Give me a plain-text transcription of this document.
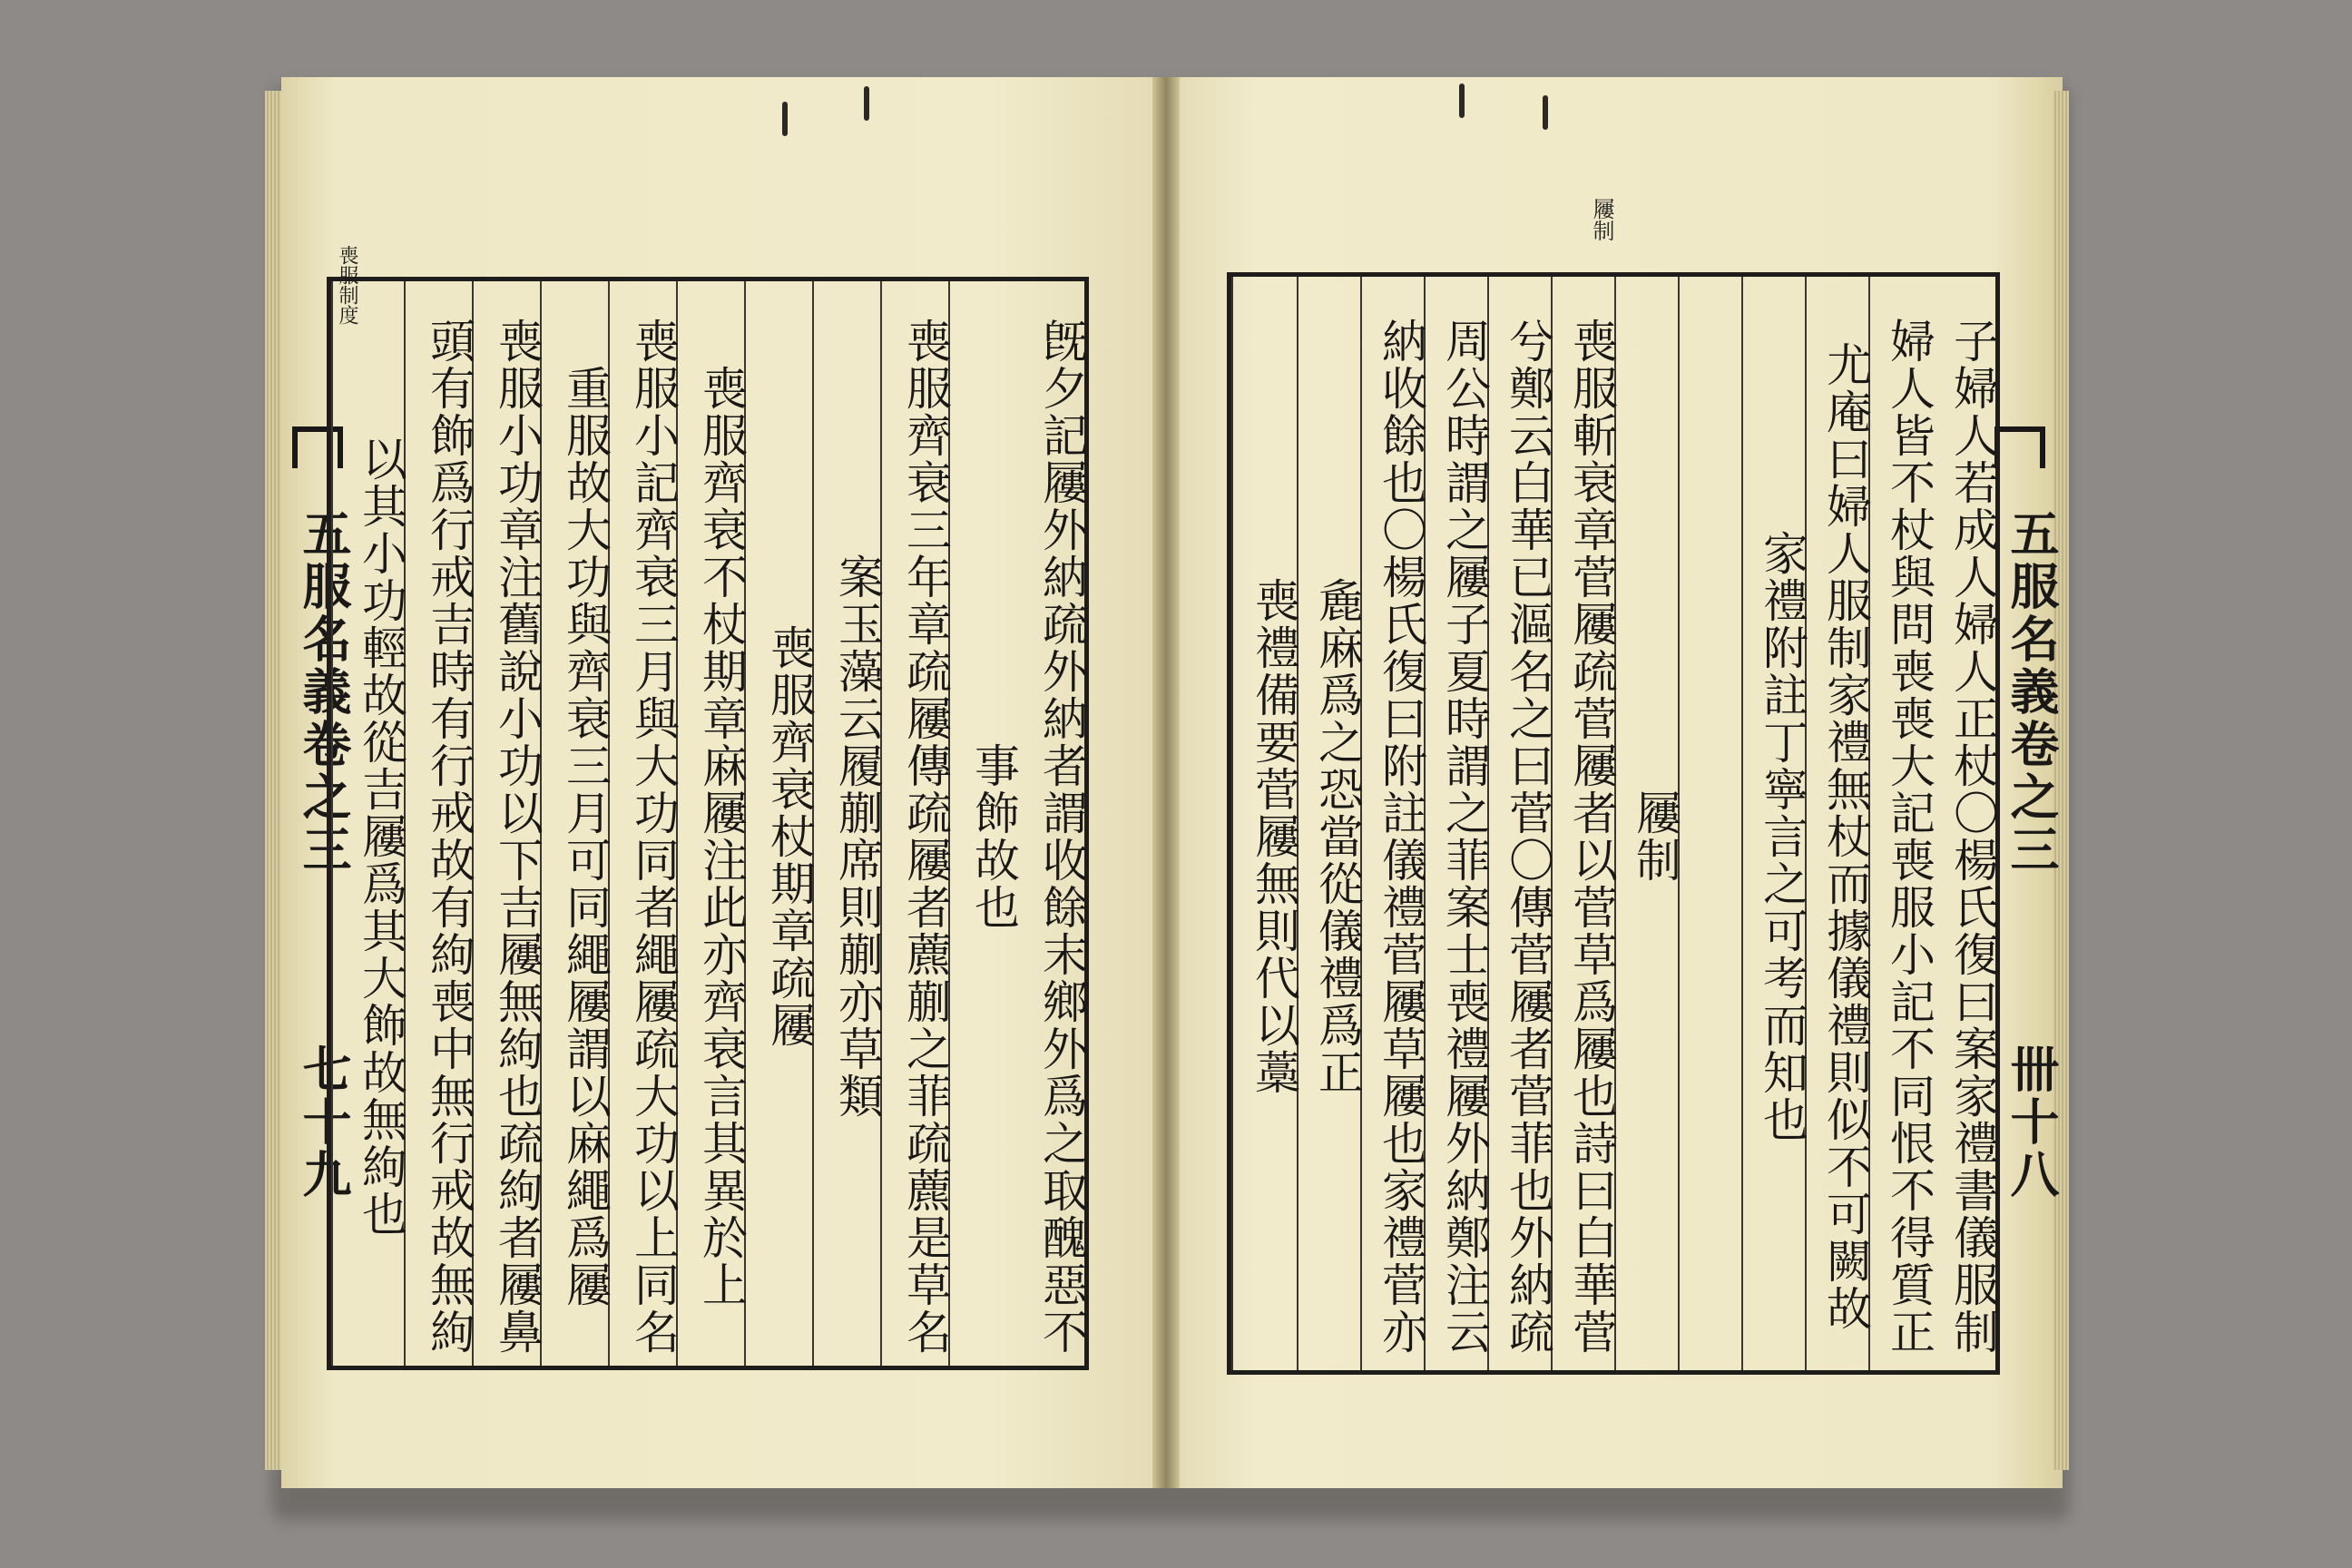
喪服制度
五服名義卷之三
七十九	旣夕記屨外納疏外納者謂收餘末鄉外爲之取醜惡不
事飾故也
喪服齊衰三年章疏屨傳疏屨者藨蒯之菲疏藨是草名
案玉藻云履蒯席則蒯亦草類
喪服齊衰杖期章疏屨
喪服齊衰不杖期章麻屨注此亦齊衰言其異於上
喪服小記齊衰三月與大功同者繩屨疏大功以上同名
重服故大功與齊衰三月可同繩屨謂以麻繩爲屨
喪服小功章注舊說小功以下吉屨無絇也疏絇者屨鼻
頭有飾爲行戒吉時有行戒故有絇喪中無行戒故無絇
以其小功輕故從吉屨爲其大飾故無絇也
屨制
五服名義卷之三
卌十八
子婦人若成人婦人正杖〇楊氏復曰案家禮書儀服制
婦人皆不杖與問喪喪大記喪服小記不同恨不得質正
尤庵曰婦人服制家禮無杖而據儀禮則似不可闕故
家禮附註丁寧言之可考而知也
屨制
喪服斬衰章菅屨疏菅屨者以菅草爲屨也詩曰白華菅
兮鄭云白華已漚名之曰菅〇傳菅屨者菅菲也外納疏
周公時謂之屨子夏時謂之菲案士喪禮屨外納鄭注云
納收餘也〇楊氏復曰附註儀禮菅屨草屨也家禮菅亦
麁麻爲之恐當從儀禮爲正
喪禮備要菅屨無則代以藁
